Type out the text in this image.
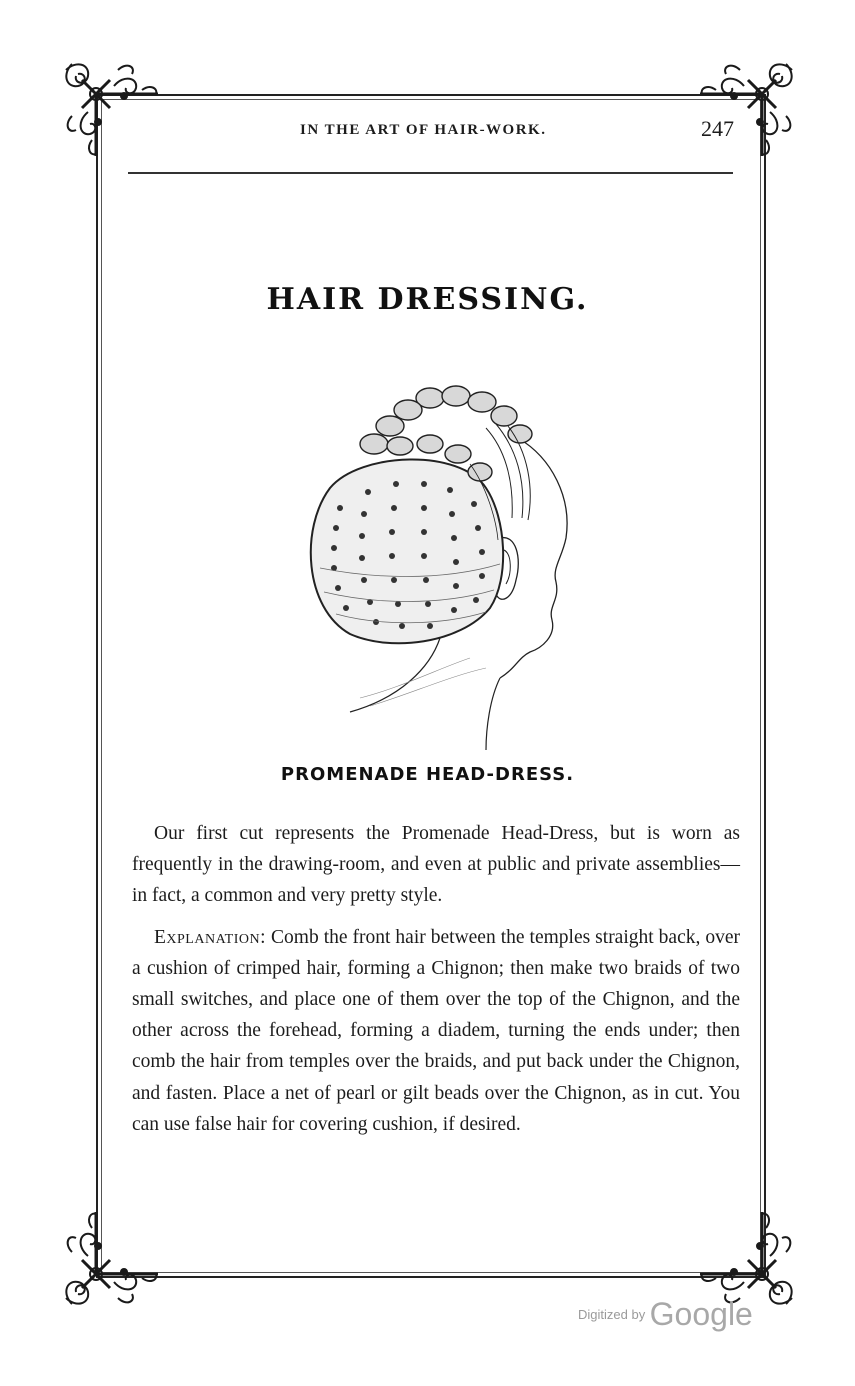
IN THE ART OF HAIR-WORK.	247
HAIR DRESSING.
PROMENADE HEAD-DRESS.

Our first cut represents the Promenade Head-Dress, but is worn as frequently in the drawing-room, and even at public and private assemblies—in fact, a common and very pretty style.

Explanation: Comb the front hair between the temples straight back, over a cushion of crimped hair, forming a Chignon; then make two braids of two small switches, and place one of them over the top of the Chignon, and the other across the forehead, forming a diadem, turning the ends under; then comb the hair from temples over the braids, and put back under the Chignon, and fasten. Place a net of pearl or gilt beads over the Chignon, as in cut. You can use false hair for covering cushion, if desired.

Digitized by Google
